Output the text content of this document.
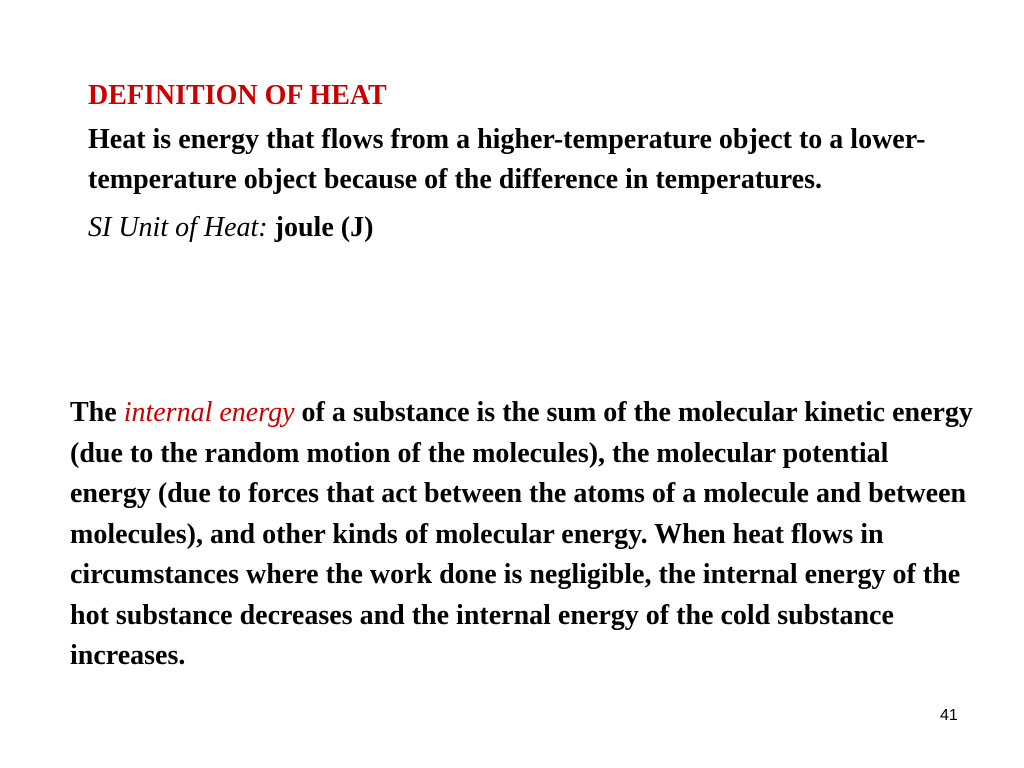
DEFINITION OF HEAT

Heat is energy that flows from a higher-temperature object to a lower-temperature object because of the difference in temperatures.

SI Unit of Heat: joule (J)

The internal energy of a substance is the sum of the molecular kinetic energy (due to the random motion of the molecules), the molecular potential energy (due to forces that act between the atoms of a molecule and between molecules), and other kinds of molecular energy. When heat flows in circumstances where the work done is negligible, the internal energy of the hot substance decreases and the internal energy of the cold substance increases.
41
